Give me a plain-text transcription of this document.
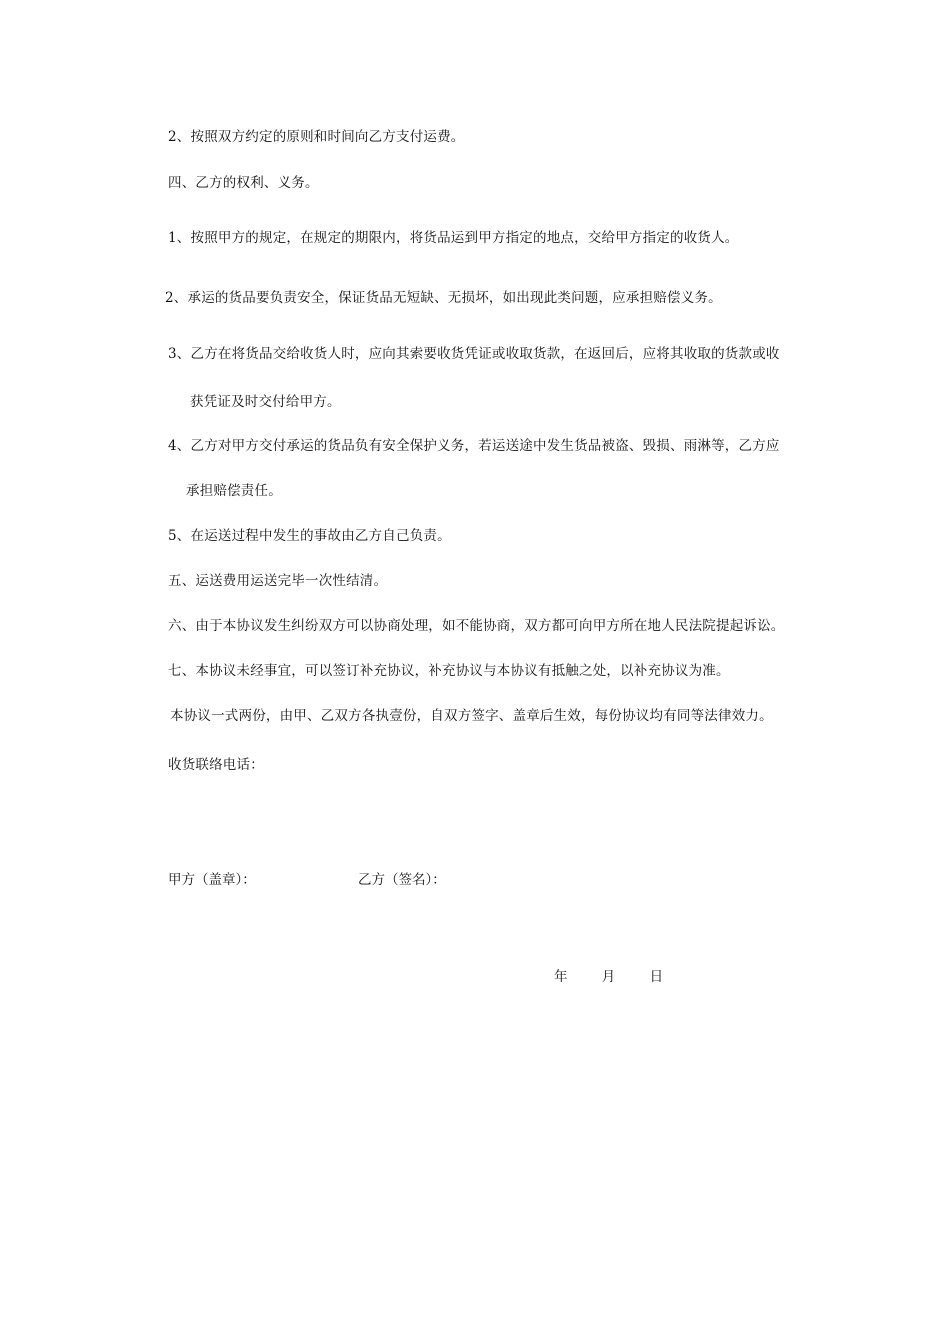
2、按照双方约定的原则和时间向乙方支付运费。
四、乙方的权利、义务。
1、按照甲方的规定，在规定的期限内，将货品运到甲方指定的地点，交给甲方指定的收货人。
2、承运的货品要负责安全，保证货品无短缺、无损坏，如出现此类问题，应承担赔偿义务。
3、乙方在将货品交给收货人时，应向其索要收货凭证或收取货款，在返回后，应将其收取的货款或收
获凭证及时交付给甲方。
4、乙方对甲方交付承运的货品负有安全保护义务，若运送途中发生货品被盗、毁损、雨淋等，乙方应
承担赔偿责任。
5、在运送过程中发生的事故由乙方自己负责。
五、运送费用运送完毕一次性结清。
六、由于本协议发生纠纷双方可以协商处理，如不能协商，双方都可向甲方所在地人民法院提起诉讼。
七、本协议未经事宜，可以签订补充协议，补充协议与本协议有抵触之处，以补充协议为准。
本协议一式两份，由甲、乙双方各执壹份，自双方签字、盖章后生效，每份协议均有同等法律效力。
收货联络电话：
甲方（盖章）：	乙方（签名）：
年 月 日
